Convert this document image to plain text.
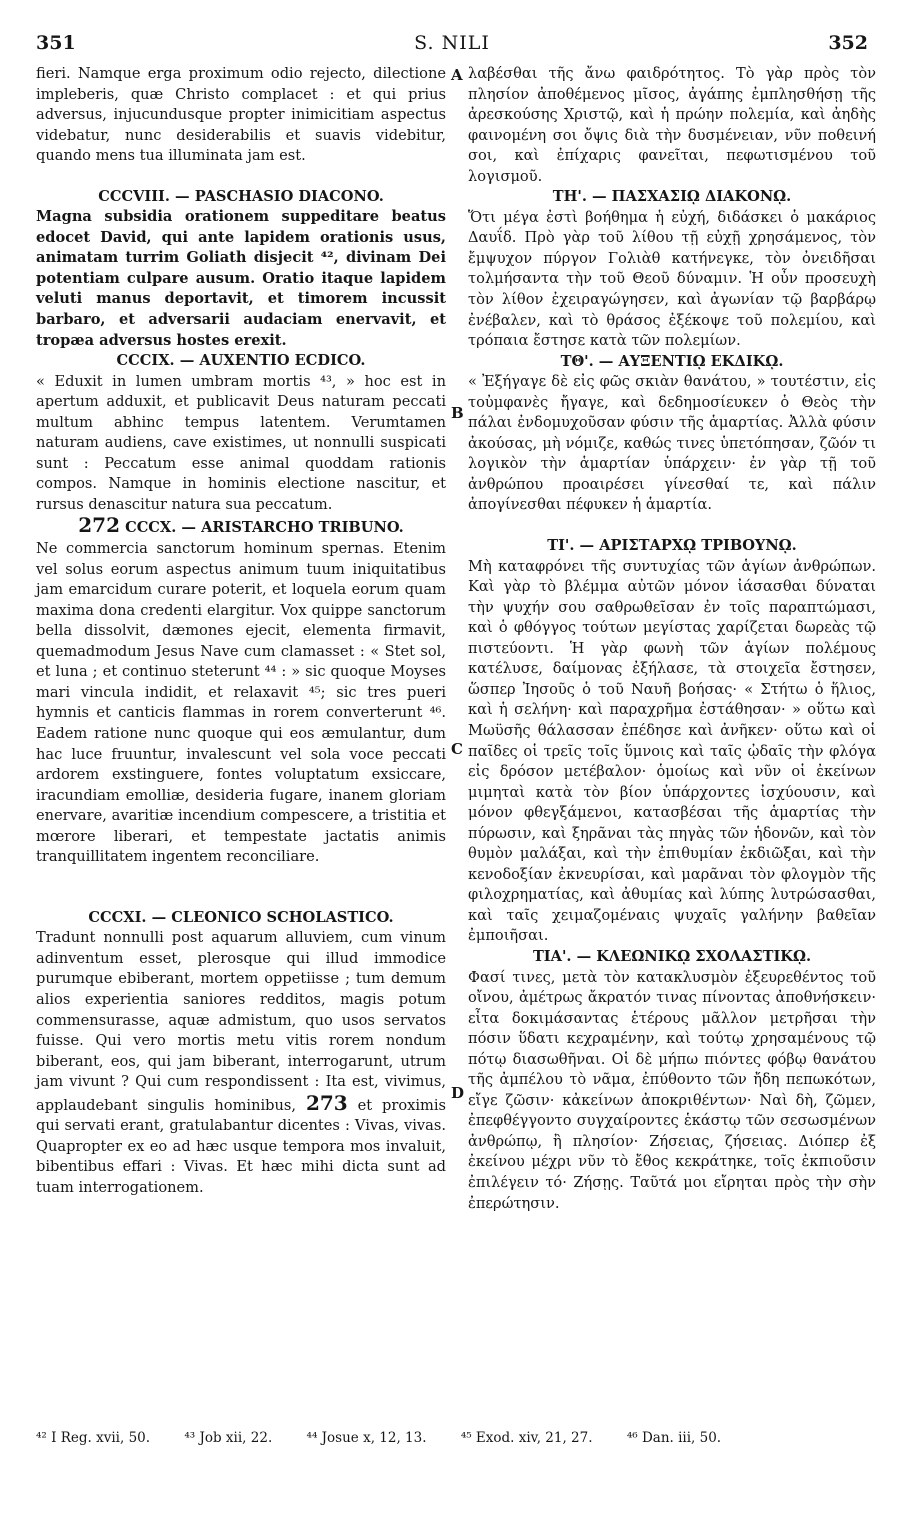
351	S. NILI	352
A
B
C
D

fieri. Namque erga proximum odio rejecto, dilectione impleberis, quæ Christo complacet : et qui prius adversus, injucundusque propter inimicitiam aspectus videbatur, nunc desiderabilis et suavis videbitur, quando mens tua illuminata jam est.

CCCVIII. — PASCHASIO DIACONO.

Magna subsidia orationem suppeditare beatus edocet David, qui ante lapidem orationis usus, animatam turrim Goliath disjecit ⁴², divinam Dei potentiam culpare ausum. Oratio itaque lapidem veluti manus deportavit, et timorem incussit barbaro, et adversarii audaciam enervavit, et tropæa adversus hostes erexit.

CCCIX. — AUXENTIO ECDICO.

« Eduxit in lumen umbram mortis ⁴³, » hoc est in apertum adduxit, et publicavit Deus naturam peccati multum abhinc tempus latentem. Verumtamen naturam audiens, cave existimes, ut nonnulli suspicati sunt : Peccatum esse animal quoddam rationis compos. Namque in hominis electione nascitur, et rursus denascitur natura sua peccatum.

272 CCCX. — ARISTARCHO TRIBUNO.

Ne commercia sanctorum hominum spernas. Etenim vel solus eorum aspectus animum tuum iniquitatibus jam emarcidum curare poterit, et loquela eorum quam maxima dona credenti elargitur. Vox quippe sanctorum bella dissolvit, dæmones ejecit, elementa firmavit, quemadmodum Jesus Nave cum clamasset : « Stet sol, et luna ; et continuo steterunt ⁴⁴ : » sic quoque Moyses mari vincula indidit, et relaxavit ⁴⁵; sic tres pueri hymnis et canticis flammas in rorem converterunt ⁴⁶. Eadem ratione nunc quoque qui eos æmulantur, dum hac luce fruuntur, invalescunt vel sola voce peccati ardorem exstinguere, fontes voluptatum exsiccare, iracundiam emolliæ, desideria fugare, inanem gloriam enervare, avaritiæ incendium compescere, a tristitia et mœrore liberari, et tempestate jactatis animis tranquillitatem ingentem reconciliare.

CCCXI. — CLEONICO SCHOLASTICO.

Tradunt nonnulli post aquarum alluviem, cum vinum adinventum esset, plerosque qui illud immodice purumque ebiberant, mortem oppetiisse ; tum demum alios experientia saniores redditos, magis potum commensurasse, aquæ admistum, quo usos servatos fuisse. Qui vero mortis metu vitis rorem nondum biberant, eos, qui jam biberant, interrogarunt, utrum jam vivunt ? Qui cum respondissent : Ita est, vivimus, applaudebant singulis hominibus, 273 et proximis qui servati erant, gratulabantur dicentes : Vivas, vivas. Quapropter ex eo ad hæc usque tempora mos invaluit, bibentibus effari : Vivas. Et hæc mihi dicta sunt ad tuam interrogationem.

λαβέσθαι τῆς ἄνω φαιδρότητος. Τὸ γὰρ πρὸς τὸν πλησίον ἀποθέμενος μῖσος, ἀγάπης ἐμπλησθήσῃ τῆς ἀρεσκούσης Χριστῷ, καὶ ἡ πρώην πολεμία, καὶ ἀηδὴς φαινομένη σοι ὄψις διὰ τὴν δυσμένειαν, νῦν ποθεινή σοι, καὶ ἐπίχαρις φανεῖται, πεφωτισμένου τοῦ λογισμοῦ.

ΤΗ'. — ΠΑΣΧΑΣΙῼ ΔΙΑΚΟΝῼ.

Ὅτι μέγα ἐστὶ βοήθημα ἡ εὐχή, διδάσκει ὁ μακάριος Δαυΐδ. Πρὸ γὰρ τοῦ λίθου τῇ εὐχῇ χρησάμενος, τὸν ἔμψυχον πύργον Γολιὰθ κατήνεγκε, τὸν ὀνειδῆσαι τολμήσαντα τὴν τοῦ Θεοῦ δύναμιν. Ἡ οὖν προσευχὴ τὸν λίθον ἐχειραγώγησεν, καὶ ἀγωνίαν τῷ βαρβάρῳ ἐνέβαλεν, καὶ τὸ θράσος ἐξέκοψε τοῦ πολεμίου, καὶ τρόπαια ἔστησε κατὰ τῶν πολεμίων.

ΤΘ'. — ΑΥΞΕΝΤΙῼ ΕΚΔΙΚῼ.

« Ἐξήγαγε δὲ εἰς φῶς σκιὰν θανάτου, » τουτέστιν, εἰς τοὐμφανὲς ἤγαγε, καὶ δεδημοσίευκεν ὁ Θεὸς τὴν πάλαι ἐνδομυχοῦσαν φύσιν τῆς ἁμαρτίας. Ἀλλὰ φύσιν ἀκούσας, μὴ νόμιζε, καθώς τινες ὑπετόπησαν, ζῶόν τι λογικὸν τὴν ἁμαρτίαν ὑπάρχειν· ἐν γὰρ τῇ τοῦ ἀνθρώπου προαιρέσει γίνεσθαί τε, καὶ πάλιν ἀπογίνεσθαι πέφυκεν ἡ ἁμαρτία.

ΤΙ'. — ΑΡΙΣΤΑΡΧῼ ΤΡΙΒΟΥΝῼ.

Μὴ καταφρόνει τῆς συντυχίας τῶν ἁγίων ἀνθρώπων. Καὶ γὰρ τὸ βλέμμα αὐτῶν μόνον ἰάσασθαι δύναται τὴν ψυχήν σου σαθρωθεῖσαν ἐν τοῖς παραπτώμασι, καὶ ὁ φθόγγος τούτων μεγίστας χαρίζεται δωρεὰς τῷ πιστεύοντι. Ἡ γὰρ φωνὴ τῶν ἁγίων πολέμους κατέλυσε, δαίμονας ἐξήλασε, τὰ στοιχεῖα ἔστησεν, ὥσπερ Ἰησοῦς ὁ τοῦ Ναυῆ βοήσας· « Στήτω ὁ ἥλιος, καὶ ἡ σελήνη· καὶ παραχρῆμα ἐστάθησαν· » οὕτω καὶ Μωϋσῆς θάλασσαν ἐπέδησε καὶ ἀνῆκεν· οὕτω καὶ οἱ παῖδες οἱ τρεῖς τοῖς ὕμνοις καὶ ταῖς ᾠδαῖς τὴν φλόγα εἰς δρόσον μετέβαλον· ὁμοίως καὶ νῦν οἱ ἐκείνων μιμηταὶ κατὰ τὸν βίον ὑπάρχοντες ἰσχύουσιν, καὶ μόνον φθεγξάμενοι, κατασβέσαι τῆς ἁμαρτίας τὴν πύρωσιν, καὶ ξηρᾶναι τὰς πηγὰς τῶν ἡδονῶν, καὶ τὸν θυμὸν μαλάξαι, καὶ τὴν ἐπιθυμίαν ἐκδιῶξαι, καὶ τὴν κενοδοξίαν ἐκνευρίσαι, καὶ μαρᾶναι τὸν φλογμὸν τῆς φιλοχρηματίας, καὶ ἀθυμίας καὶ λύπης λυτρώσασθαι, καὶ ταῖς χειμαζομέναις ψυχαῖς γαλήνην βαθεῖαν ἐμποιῆσαι.

ΤΙΑ'. — ΚΛΕΩΝΙΚῼ ΣΧΟΛΑΣΤΙΚῼ.

Φασί τινες, μετὰ τὸν κατακλυσμὸν ἐξευρεθέντος τοῦ οἴνου, ἀμέτρως ἄκρατόν τινας πίνοντας ἀποθνήσκειν· εἶτα δοκιμάσαντας ἑτέρους μᾶλλον μετρῆσαι τὴν πόσιν ὕδατι κεχραμένην, καὶ τούτῳ χρησαμένους τῷ πότῳ διασωθῆναι. Οἱ δὲ μήπω πιόντες φόβῳ θανάτου τῆς ἀμπέλου τὸ νᾶμα, ἐπύθοντο τῶν ἤδη πεπωκότων, εἴγε ζῶσιν· κἀκείνων ἀποκριθέντων· Ναὶ δὴ, ζῶμεν, ἐπεφθέγγοντο συγχαίροντες ἑκάστῳ τῶν σεσωσμένων ἀνθρώπῳ, ἢ πλησίον· Ζήσειας, ζήσειας. Διόπερ ἐξ ἐκείνου μέχρι νῦν τὸ ἔθος κεκράτηκε, τοῖς ἐκπιοῦσιν ἐπιλέγειν τό· Ζήσῃς. Ταῦτά μοι εἴρηται πρὸς τὴν σὴν ἐπερώτησιν.

⁴² I Reg. xvii, 50.	⁴³ Job xii, 22.	⁴⁴ Josue x, 12, 13.	⁴⁵ Exod. xiv, 21, 27.	⁴⁶ Dan. iii, 50.
